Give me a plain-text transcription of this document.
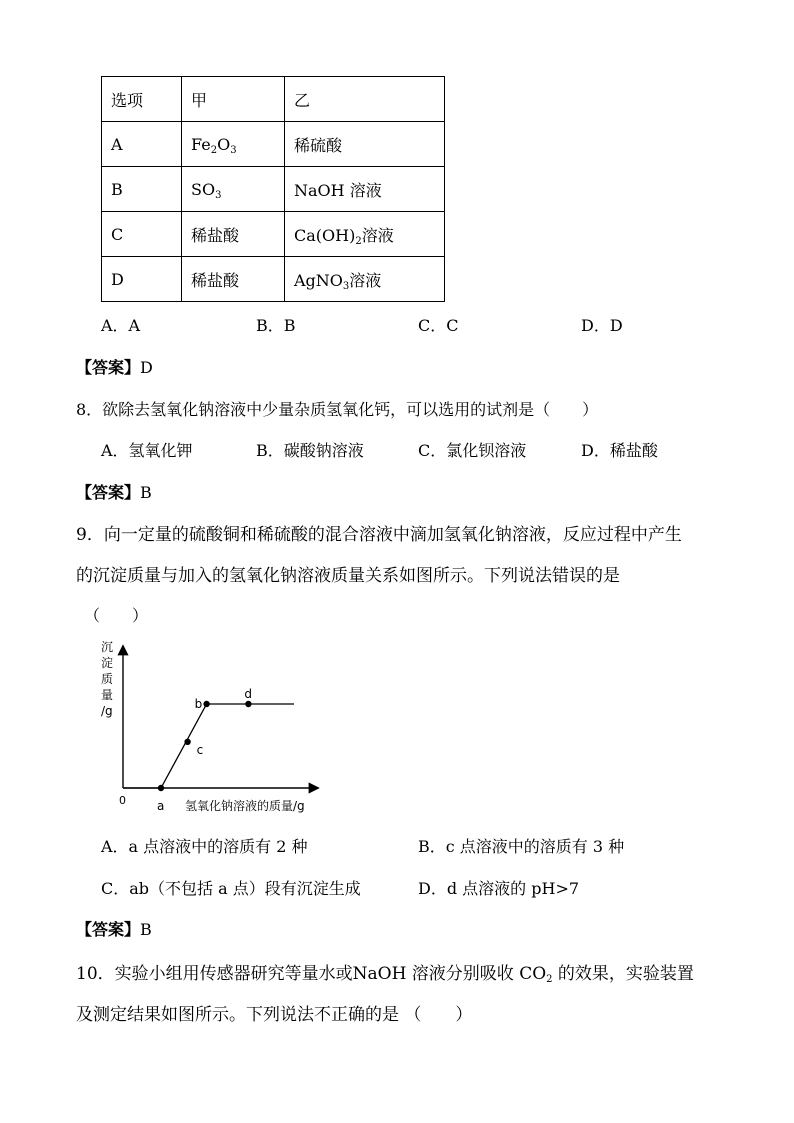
选项	甲	乙
A	$Fe_2O_3$	稀硫酸
B	$SO_3$	NaOH 溶液
C	稀盐酸	$Ca(OH)_2$溶液
D	稀盐酸	AgNO$_3$溶液
A．A	B．B	C．C	D．D
【答案】D
8．欲除去氢氧化钠溶液中少量杂质氢氧化钙，可以选用的试剂是（　　）
A．氢氧化钾	B．碳酸钠溶液	C．氯化钡溶液	D．稀盐酸
【答案】B
9．向一定量的硫酸铜和稀硫酸的混合溶液中滴加氢氧化钠溶液，反应过程中产生
的沉淀质量与加入的氢氧化钠溶液质量关系如图所示。下列说法错误的是
（　　）
沉
淀
质
量
/g
0	氢氧化钠溶液的质量/g
a
c
b
d
A．a 点溶液中的溶质有 2 种	B．c 点溶液中的溶质有 3 种
C．ab（不包括 a 点）段有沉淀生成	D．d 点溶液的 pH>7
【答案】B
10．实验小组用传感器研究等量水或NaOH 溶液分别吸收 $CO_2$ 的效果，实验装置
及测定结果如图所示。下列说法不正确的是 （　　）
